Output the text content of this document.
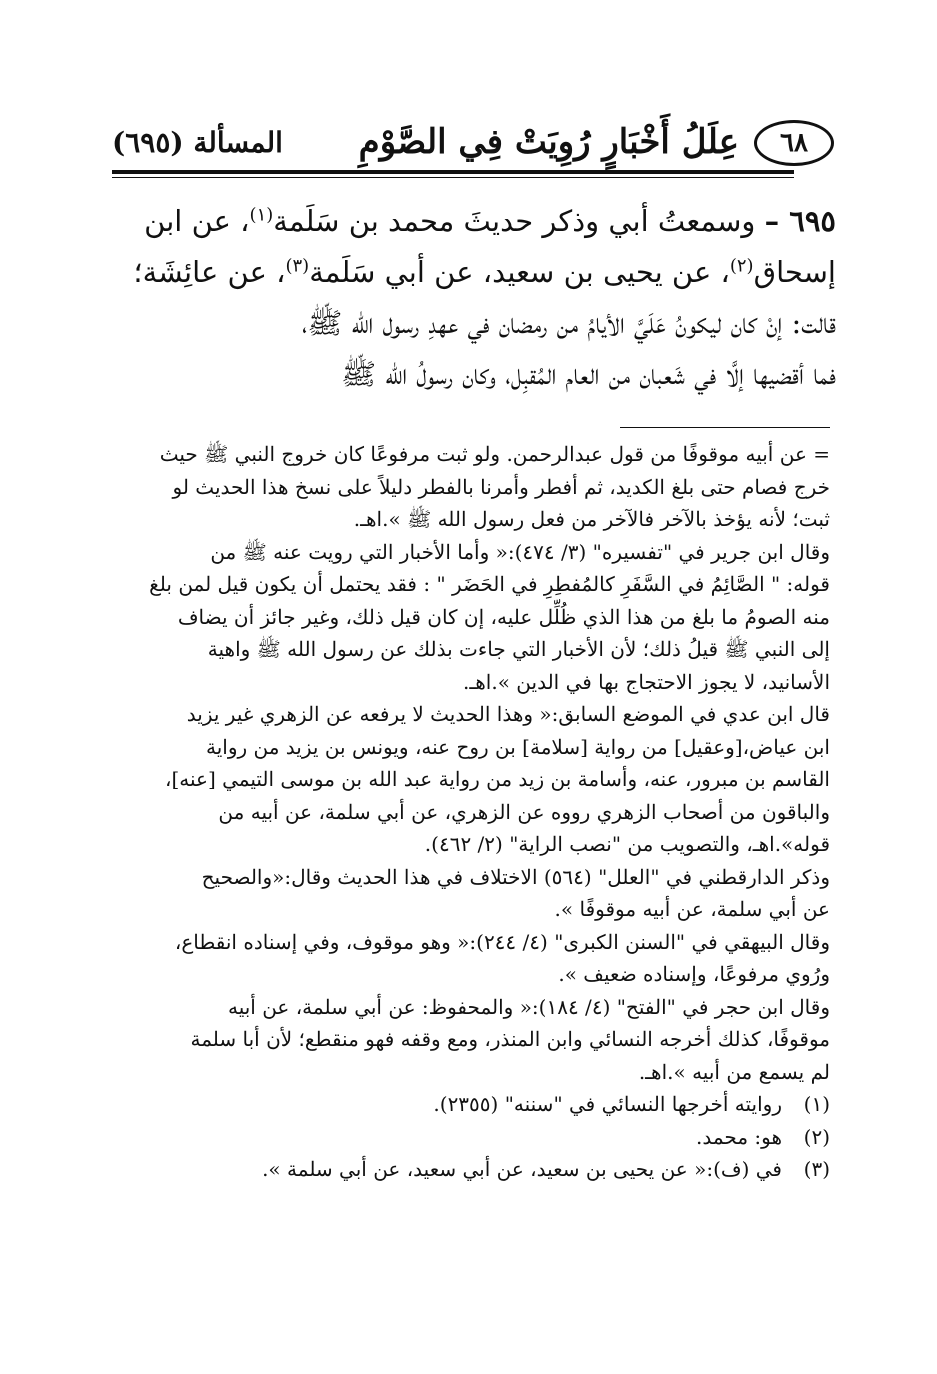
٦٨
عِلَلُ أَخْبَارٍ رُوِيَتْ فِي الصَّوْمِ
المسألة (٦٩٥)

٦٩٥ – وسمعتُ أبي وذكر حديثَ محمد بن سَلَمة$^{(١)}$، عن ابن

إسحاق$^{(٢)}$، عن يحيى بن سعيد، عن أبي سَلَمة$^{(٣)}$، عن عائِشَة؛

قالت: إنْ كان ليكونُ عَلَيَّ الأيامُ من رمضان في عهدِ رسول الله ﷺ،

فما أقضيها إلَّا في شَعبان من العام المُقبِل، وكان رسولُ الله ﷺ

= عن أبيه موقوفًا من قول عبدالرحمن. ولو ثبت مرفوعًا كان خروج النبي ﷺ حيث

خرج فصام حتى بلغ الكديد، ثم أفطر وأمرنا بالفطر دليلاً على نسخ هذا الحديث لو

ثبت؛ لأنه يؤخذ بالآخر فالآخر من فعل رسول الله ﷺ ».اهـ.

وقال ابن جرير في "تفسيره" (٣/ ٤٧٤):« وأما الأخبار التي رويت عنه ﷺ من

قوله: " الصَّائِمُ في السَّفَرِ كالمُفطِرِ في الحَضَر " : فقد يحتمل أن يكون قيل لمن بلغ

منه الصومُ ما بلغ من هذا الذي ظُلِّل عليه، إن كان قيل ذلك، وغير جائز أن يضاف

إلى النبي ﷺ قيلُ ذلك؛ لأن الأخبار التي جاءت بذلك عن رسول الله ﷺ واهية

الأسانيد، لا يجوز الاحتجاج بها في الدين ».اهـ.

قال ابن عدي في الموضع السابق:« وهذا الحديث لا يرفعه عن الزهري غير يزيد

ابن عياض،[وعقيل] من رواية [سلامة] بن روح عنه، ويونس بن يزيد من رواية

القاسم بن مبرور، عنه، وأسامة بن زيد من رواية عبد الله بن موسى التيمي [عنه]،

والباقون من أصحاب الزهري رووه عن الزهري، عن أبي سلمة، عن أبيه من

قوله».اهـ، والتصويب من "نصب الراية" (٢/ ٤٦٢).

وذكر الدارقطني في "العلل" (٥٦٤) الاختلاف في هذا الحديث وقال:«والصحيح

عن أبي سلمة، عن أبيه موقوفًا ».

وقال البيهقي في "السنن الكبرى" (٤/ ٢٤٤):« وهو موقوف، وفي إسناده انقطاع،

ورُوي مرفوعًا، وإسناده ضعيف ».

وقال ابن حجر في "الفتح" (٤/ ١٨٤):« والمحفوظ: عن أبي سلمة، عن أبيه

موقوفًا، كذلك أخرجه النسائي وابن المنذر، ومع وقفه فهو منقطع؛ لأن أبا سلمة

لم يسمع من أبيه ».اهـ.

(١)
روايته أخرجها النسائي في "سننه" (٢٣٥٥).

(٢)
هو: محمد.

(٣)
في (ف):« عن يحيى بن سعيد، عن أبي سعيد، عن أبي سلمة ».
